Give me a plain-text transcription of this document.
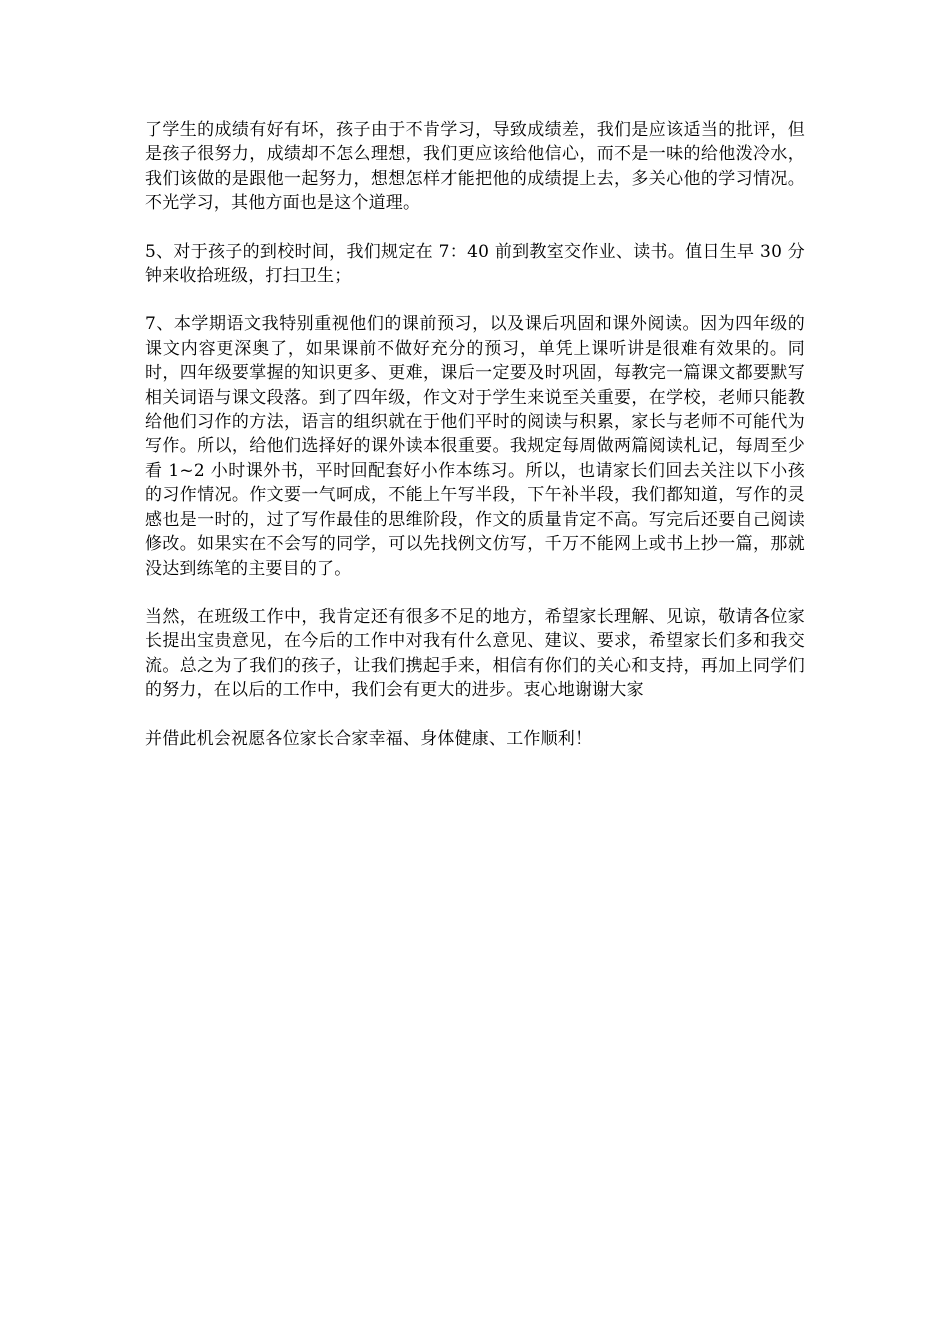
了学生的成绩有好有坏，孩子由于不肯学习，导致成绩差，我们是应该适当的批评，但是孩子很努力，成绩却不怎么理想，我们更应该给他信心，而不是一味的给他泼冷水，我们该做的是跟他一起努力，想想怎样才能把他的成绩提上去，多关心他的学习情况。不光学习，其他方面也是这个道理。

5、对于孩子的到校时间，我们规定在 7：40 前到教室交作业、读书。值日生早 30 分钟来收拾班级，打扫卫生；

7、本学期语文我特别重视他们的课前预习，以及课后巩固和课外阅读。因为四年级的课文内容更深奥了，如果课前不做好充分的预习，单凭上课听讲是很难有效果的。同时，四年级要掌握的知识更多、更难，课后一定要及时巩固，每教完一篇课文都要默写相关词语与课文段落。到了四年级，作文对于学生来说至关重要，在学校，老师只能教给他们习作的方法，语言的组织就在于他们平时的阅读与积累，家长与老师不可能代为写作。所以，给他们选择好的课外读本很重要。我规定每周做两篇阅读札记，每周至少看 1~2 小时课外书，平时回配套好小作本练习。所以，也请家长们回去关注以下小孩的习作情况。作文要一气呵成，不能上午写半段，下午补半段，我们都知道，写作的灵感也是一时的，过了写作最佳的思维阶段，作文的质量肯定不高。写完后还要自己阅读修改。如果实在不会写的同学，可以先找例文仿写，千万不能网上或书上抄一篇，那就没达到练笔的主要目的了。

当然，在班级工作中，我肯定还有很多不足的地方，希望家长理解、见谅，敬请各位家长提出宝贵意见，在今后的工作中对我有什么意见、建议、要求，希望家长们多和我交流。总之为了我们的孩子，让我们携起手来，相信有你们的关心和支持，再加上同学们的努力，在以后的工作中，我们会有更大的进步。衷心地谢谢大家

并借此机会祝愿各位家长合家幸福、身体健康、工作顺利！
